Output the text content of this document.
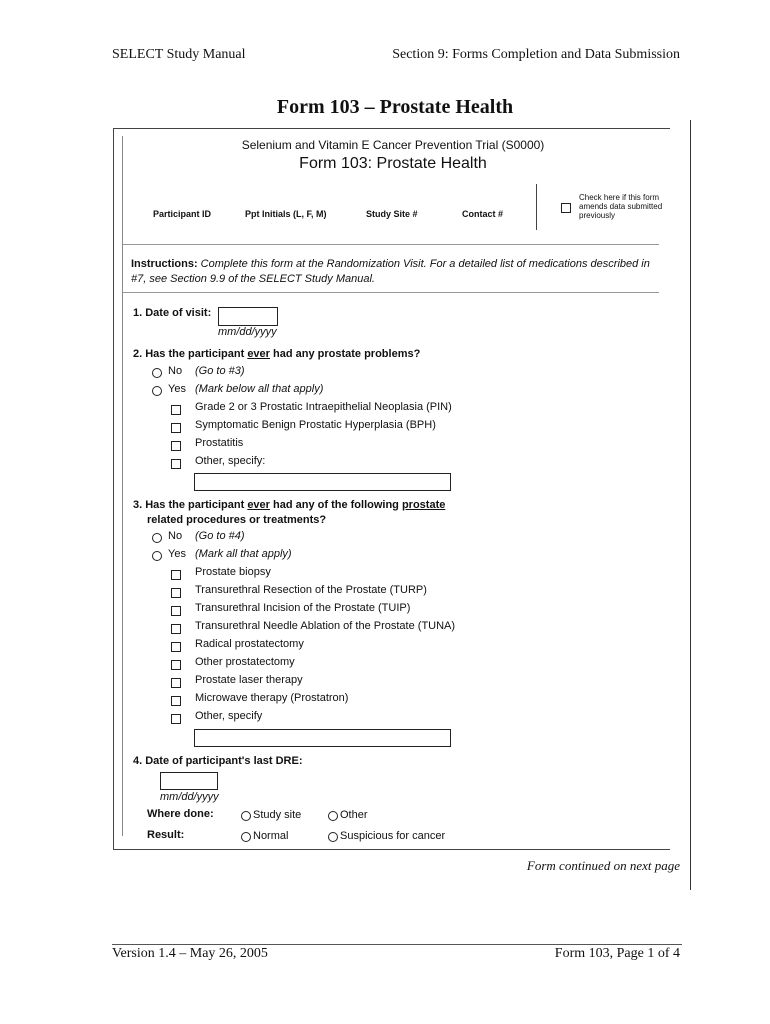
SELECT Study Manual	Section 9: Forms Completion and Data Submission
Form 103 – Prostate Health
Selenium and Vitamin E Cancer Prevention Trial (S0000)
Form 103: Prostate Health
Participant ID	Ppt Initials (L, F, M)	Study Site #	Contact #
Check here if this form amends data submitted previously
Instructions: Complete this form at the Randomization Visit. For a detailed list of medications described in #7, see Section 9.9 of the SELECT Study Manual.
1. Date of visit:
mm/dd/yyyy
2. Has the participant ever had any prostate problems?
No (Go to #3)
Yes (Mark below all that apply)
Grade 2 or 3 Prostatic Intraepithelial Neoplasia (PIN)
Symptomatic Benign Prostatic Hyperplasia (BPH)
Prostatitis
Other, specify:
3. Has the participant ever had any of the following prostate
related procedures or treatments?
No (Go to #4)
Yes (Mark all that apply)
Prostate biopsy
Transurethral Resection of the Prostate (TURP)
Transurethral Incision of the Prostate (TUIP)
Transurethral Needle Ablation of the Prostate (TUNA)
Radical prostatectomy
Other prostatectomy
Prostate laser therapy
Microwave therapy (Prostatron)
Other, specify
4. Date of participant's last DRE:
mm/dd/yyyy
Where done:	Study site	Other
Result:	Normal	Suspicious for cancer
Form continued on next page
Version 1.4 – May 26, 2005	Form 103, Page 1 of 4
